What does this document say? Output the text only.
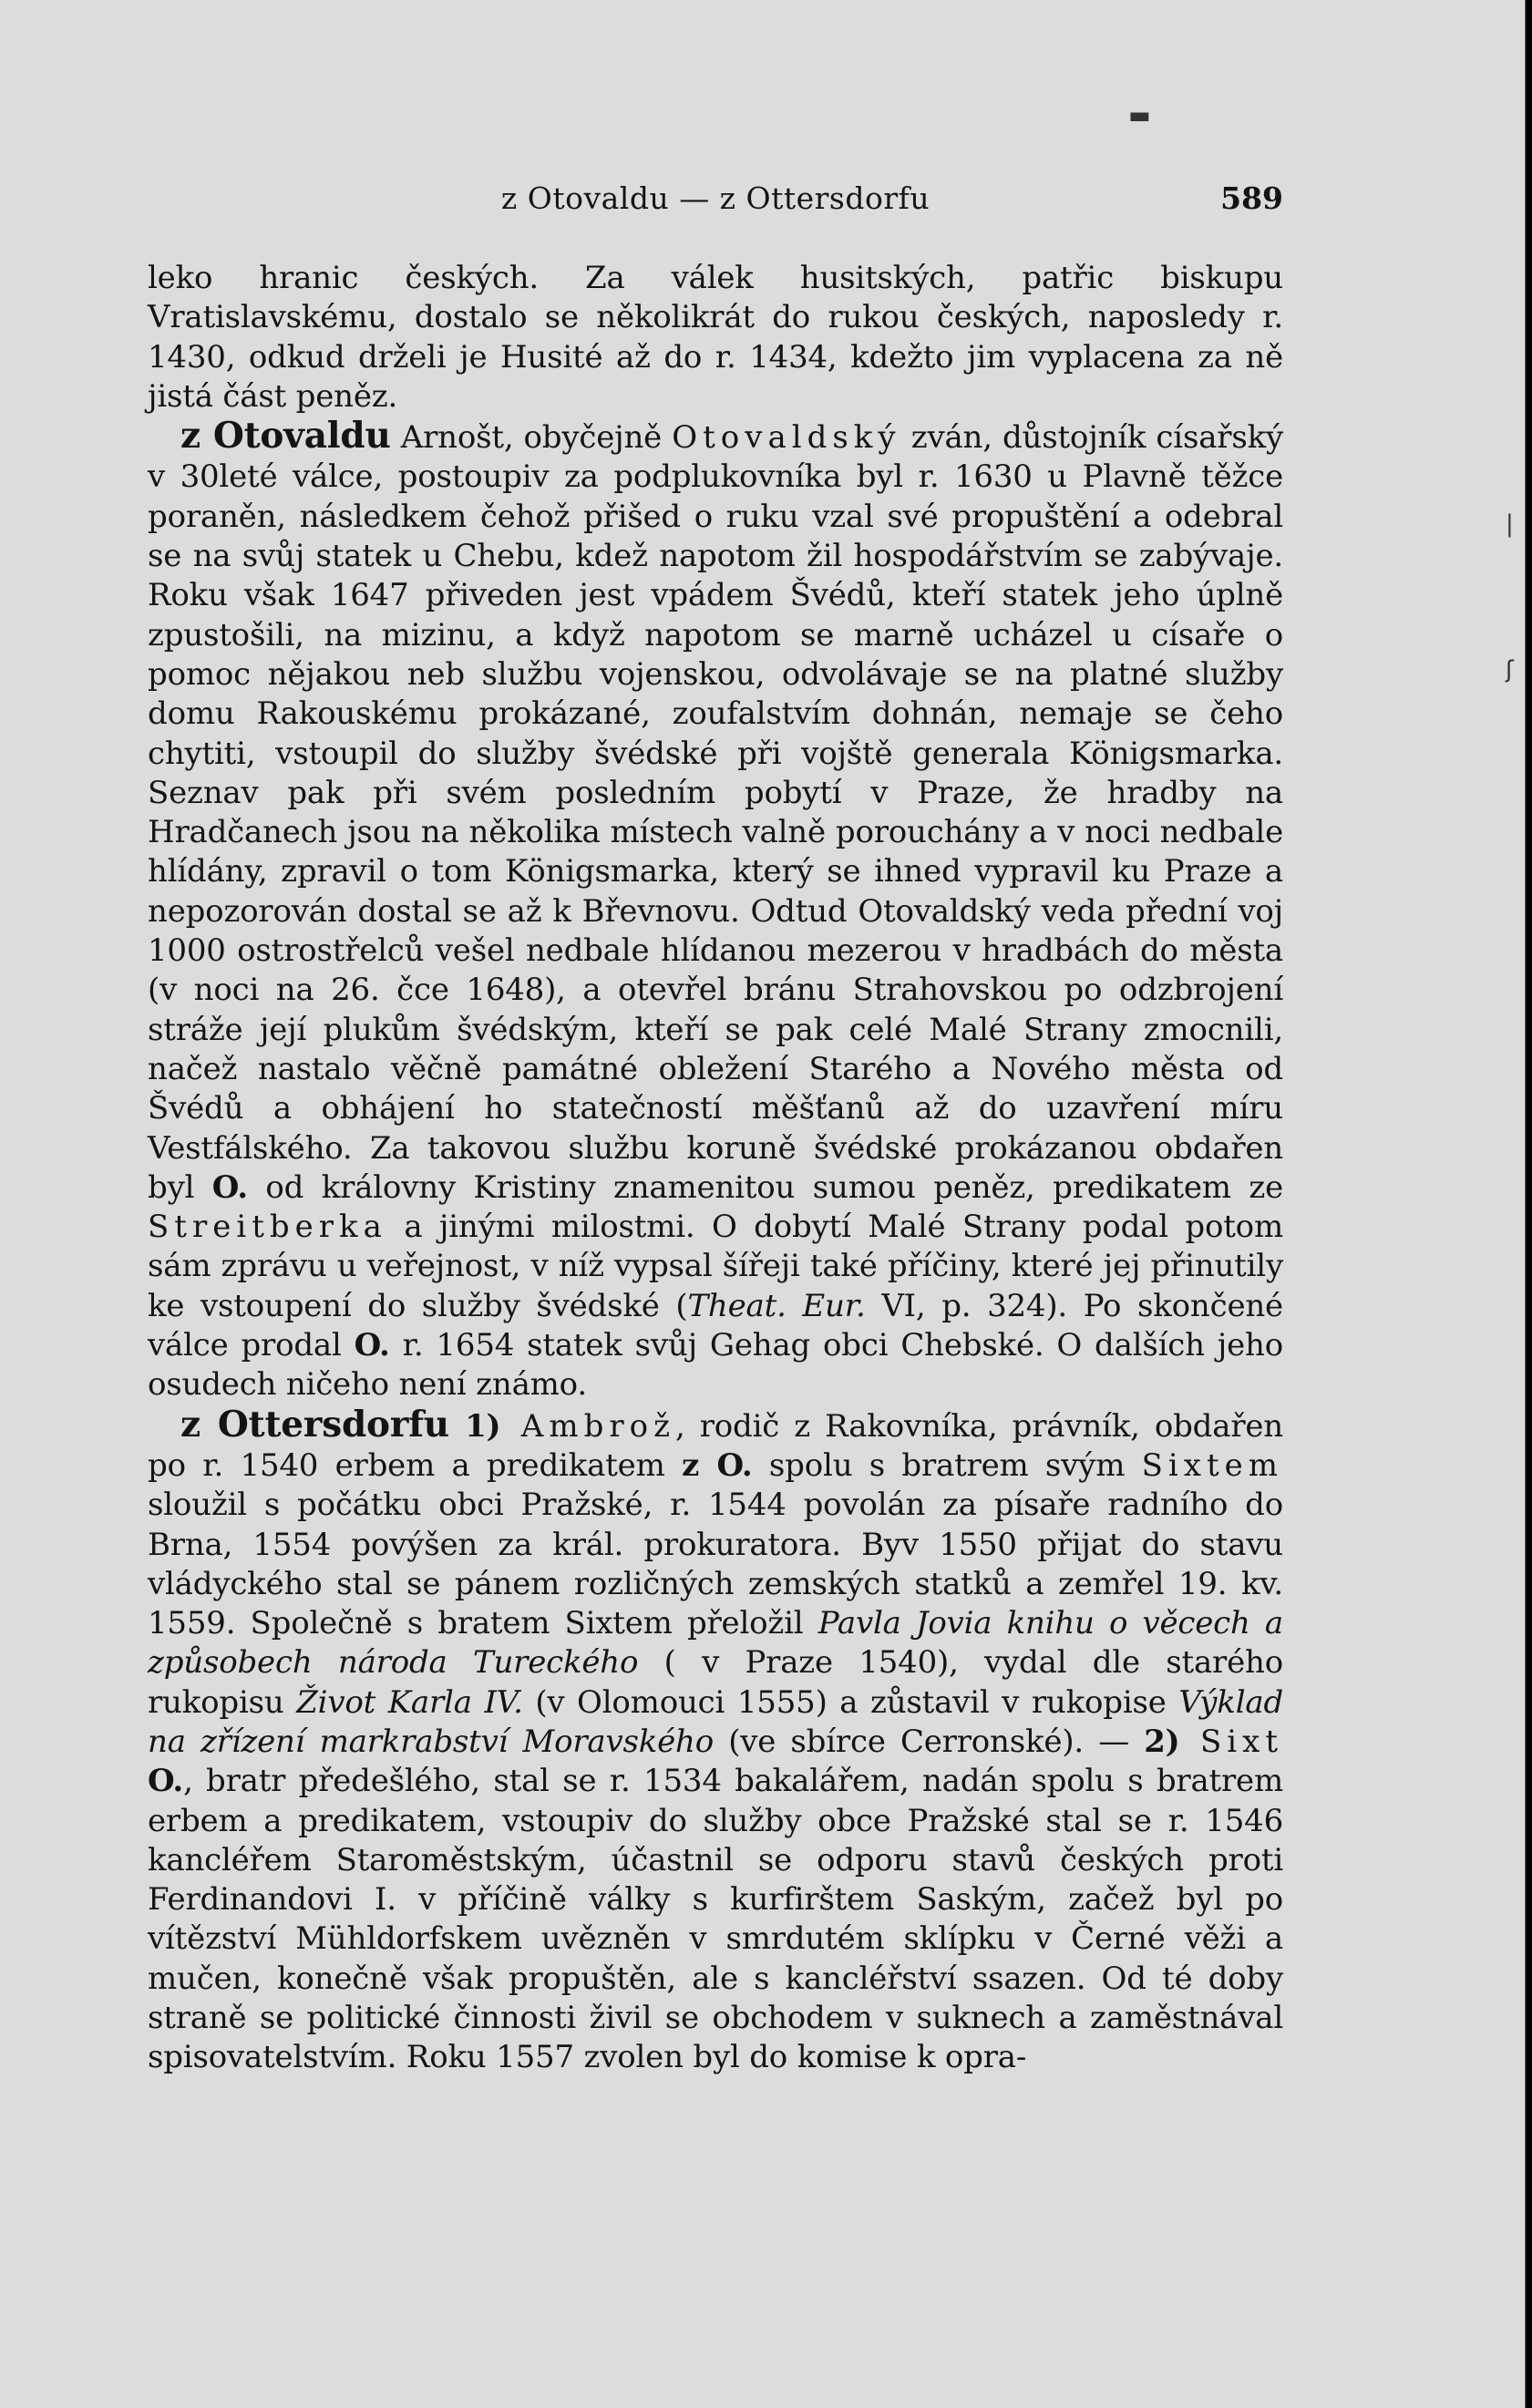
z Otovaldu — z Ottersdorfu	589

leko hranic českých. Za válek husitských, patřic biskupu Vratislavskému, dostalo se několikrát do rukou českých, naposledy r. 1430, odkud drželi je Husité až do r. 1434, kdežto jim vyplacena za ně jistá část peněz.

z Otovaldu Arnošt, obyčejně Otovaldský zván, důstojník císařský v 30leté válce, postoupiv za podplukovníka byl r. 1630 u Plavně těžce poraněn, následkem čehož přišed o ruku vzal své propuštění a odebral se na svůj statek u Chebu, kdež napotom žil hospodářstvím se zabývaje. Roku však 1647 přiveden jest vpádem Švédů, kteří statek jeho úplně zpustošili, na mizinu, a když napotom se marně ucházel u císaře o pomoc nějakou neb službu vojenskou, odvolávaje se na platné služby domu Rakouskému prokázané, zoufalstvím dohnán, nemaje se čeho chytiti, vstoupil do služby švédské při vojště generala Königsmarka. Seznav pak při svém posledním pobytí v Praze, že hradby na Hradčanech jsou na několika místech valně porouchány a v noci nedbale hlídány, zpravil o tom Königsmarka, který se ihned vypravil ku Praze a nepozorován dostal se až k Břevnovu. Odtud Otovaldský veda přední voj 1000 ostrostřelců vešel nedbale hlídanou mezerou v hradbách do města (v noci na 26. čce 1648), a otevřel bránu Strahovskou po odzbrojení stráže její plukům švédským, kteří se pak celé Malé Strany zmocnili, načež nastalo věčně památné obležení Starého a Nového města od Švédů a obhájení ho statečností měšťanů až do uzavření míru Vestfálského. Za takovou službu koruně švédské prokázanou obdařen byl O. od královny Kristiny znamenitou sumou peněz, predikatem ze Streitberka a jinými milostmi. O dobytí Malé Strany podal potom sám zprávu u veřejnost, v níž vypsal šířeji také příčiny, které jej přinutily ke vstoupení do služby švédské (Theat. Eur. VI, p. 324). Po skončené válce prodal O. r. 1654 statek svůj Gehag obci Chebské. O dalších jeho osudech ničeho není známo.

z Ottersdorfu 1) Ambrož, rodič z Rakovníka, právník, obdařen po r. 1540 erbem a predikatem z O. spolu s bratrem svým Sixtem sloužil s počátku obci Pražské, r. 1544 povolán za písaře radního do Brna, 1554 povýšen za král. prokuratora. Byv 1550 přijat do stavu vládyckého stal se pánem rozličných zemských statků a zemřel 19. kv. 1559. Společně s bratem Sixtem přeložil Pavla Jovia knihu o věcech a způsobech národa Tureckého ( v Praze 1540), vydal dle starého rukopisu Život Karla IV. (v Olomouci 1555) a zůstavil v rukopise Výklad na zřízení markrabství Moravského (ve sbírce Cerronské). — 2) Sixt O., bratr předešlého, stal se r. 1534 bakalářem, nadán spolu s bratrem erbem a predikatem, vstoupiv do služby obce Pražské stal se r. 1546 kancléřem Staroměstským, účastnil se odporu stavů českých proti Ferdinandovi I. v příčině války s kurfirštem Saským, začež byl po vítězství Mühldorfskem uvězněn v smrdutém sklípku v Černé věži a mučen, konečně však propuštěn, ale s kancléřství ssazen. Od té doby straně se politické činnosti živil se obchodem v suknech a zaměstnával spisovatelstvím. Roku 1557 zvolen byl do komise k opra-

▬
|
ʃ
